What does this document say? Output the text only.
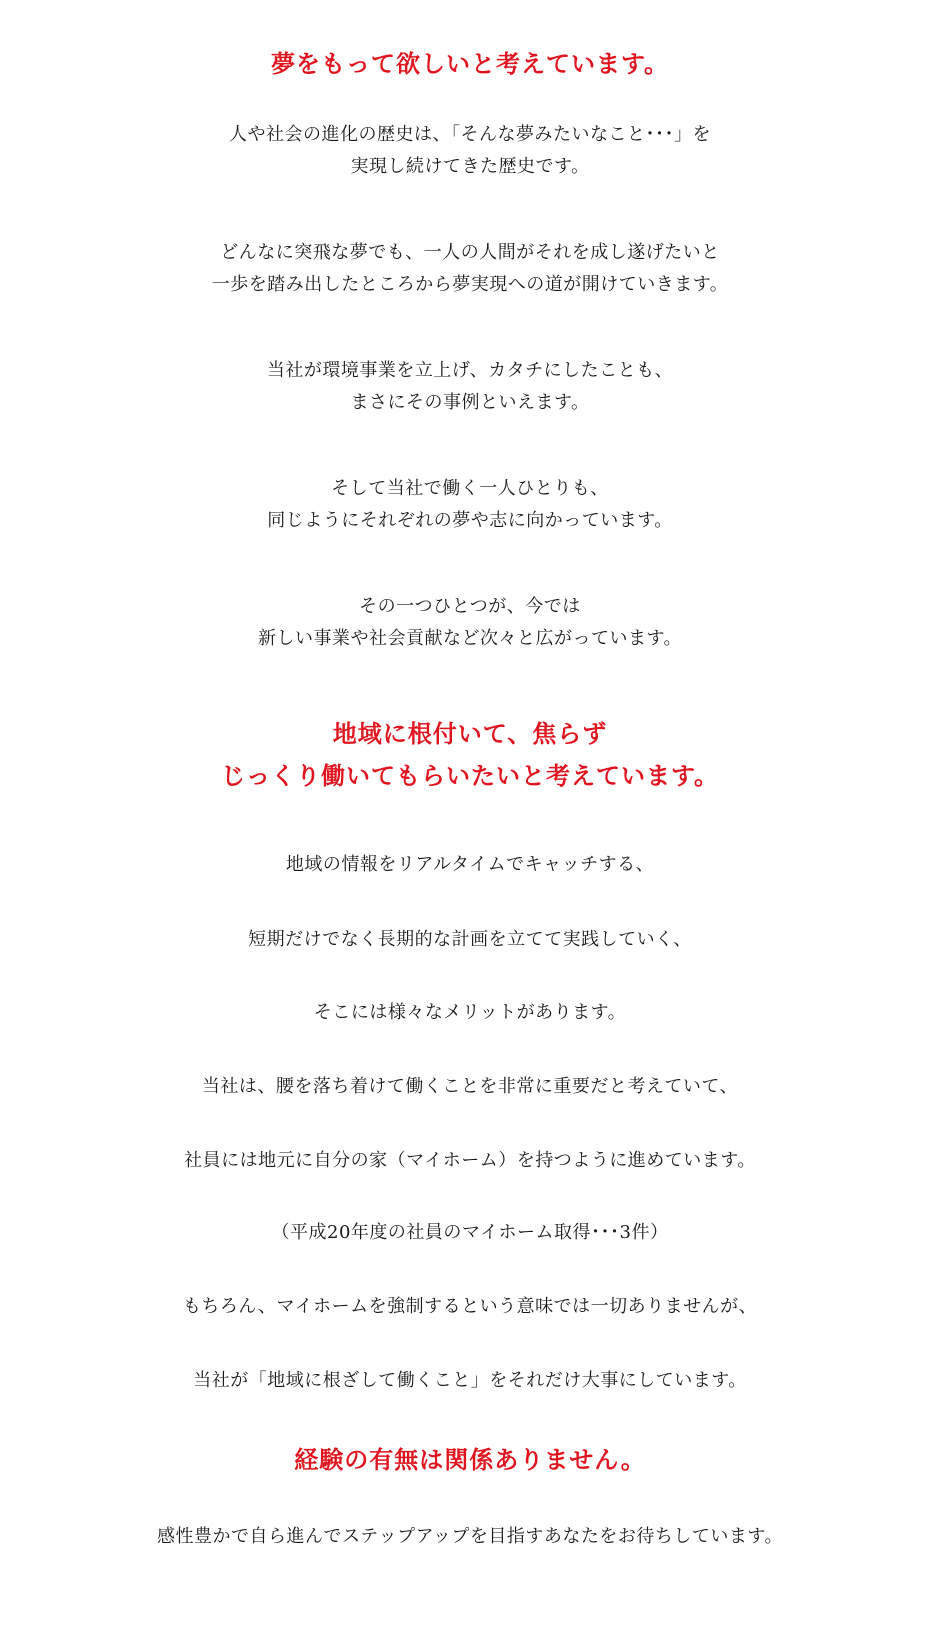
夢をもって欲しいと考えています。

人や社会の進化の歴史は、「そんな夢みたいなこと･･･」を

実現し続けてきた歴史です。

どんなに突飛な夢でも、一人の人間がそれを成し遂げたいと

一歩を踏み出したところから夢実現への道が開けていきます。

当社が環境事業を立上げ、カタチにしたことも、

まさにその事例といえます。

そして当社で働く一人ひとりも、

同じようにそれぞれの夢や志に向かっています。

その一つひとつが、今では

新しい事業や社会貢献など次々と広がっています。

地域に根付いて、焦らず
じっくり働いてもらいたいと考えています。

地域の情報をリアルタイムでキャッチする、

短期だけでなく長期的な計画を立てて実践していく、

そこには様々なメリットがあります。

当社は、腰を落ち着けて働くことを非常に重要だと考えていて、

社員には地元に自分の家（マイホーム）を持つように進めています。

（平成20年度の社員のマイホーム取得･･･3件）

もちろん、マイホームを強制するという意味では一切ありませんが、

当社が「地域に根ざして働くこと」をそれだけ大事にしています。

経験の有無は関係ありません。

感性豊かで自ら進んでステップアップを目指すあなたをお待ちしています。
